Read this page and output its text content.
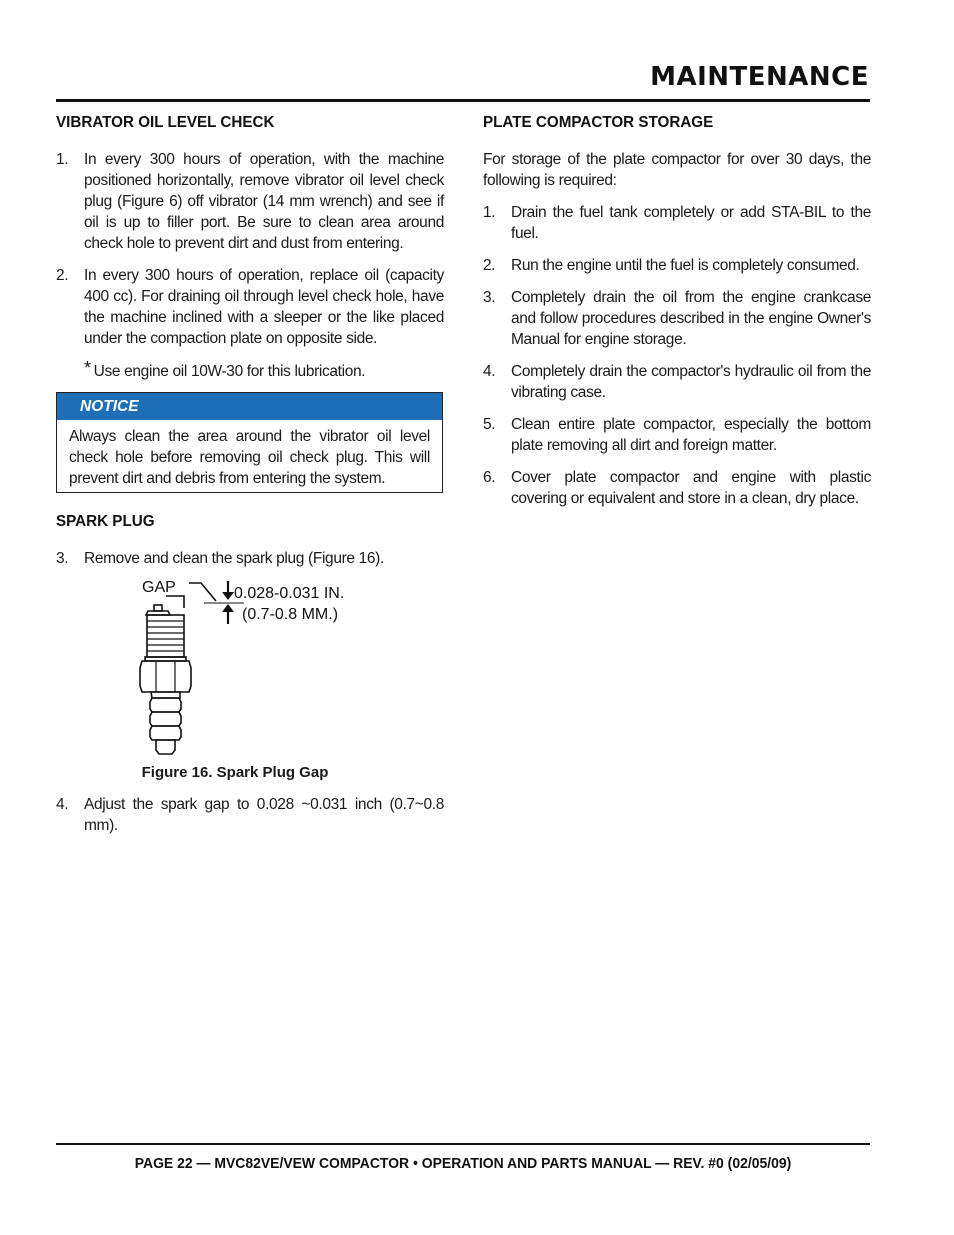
MAINTENANCE
VIBRATOR OIL LEVEL CHECK
1. In every 300 hours of operation, with the machine positioned horizontally, remove vibrator oil level check plug (Figure 6) off vibrator (14 mm wrench) and see if oil is up to filler port. Be sure to clean area around check hole to prevent dirt and dust from entering.
2. In every 300 hours of operation, replace oil (capacity 400 cc). For draining oil through level check hole, have the machine inclined with a sleeper or the like placed under the compaction plate on opposite side.
* Use engine oil 10W-30 for this lubrication.
NOTICE
Always clean the area around the vibrator oil level check hole before removing oil check plug. This will prevent dirt and debris from entering the system.
SPARK PLUG
3. Remove and clean the spark plug (Figure 16).
GAP	0.028-0.031 IN.
(0.7-0.8 MM.)
Figure 16. Spark Plug Gap
4. Adjust the spark gap to 0.028 ~0.031 inch (0.7~0.8 mm).
PLATE COMPACTOR STORAGE
For storage of the plate compactor for over 30 days, the following is required:
1. Drain the fuel tank completely or add STA-BIL to the fuel.
2. Run the engine until the fuel is completely consumed.
3. Completely drain the oil from the engine crankcase and follow procedures described in the engine Owner's Manual for engine storage.
4. Completely drain the compactor's hydraulic oil from the vibrating case.
5. Clean entire plate compactor, especially the bottom plate removing all dirt and foreign matter.
6. Cover plate compactor and engine with plastic covering or equivalent and store in a clean, dry place.
PAGE 22 — MVC82VE/VEW COMPACTOR • OPERATION AND PARTS MANUAL — REV. #0 (02/05/09)
